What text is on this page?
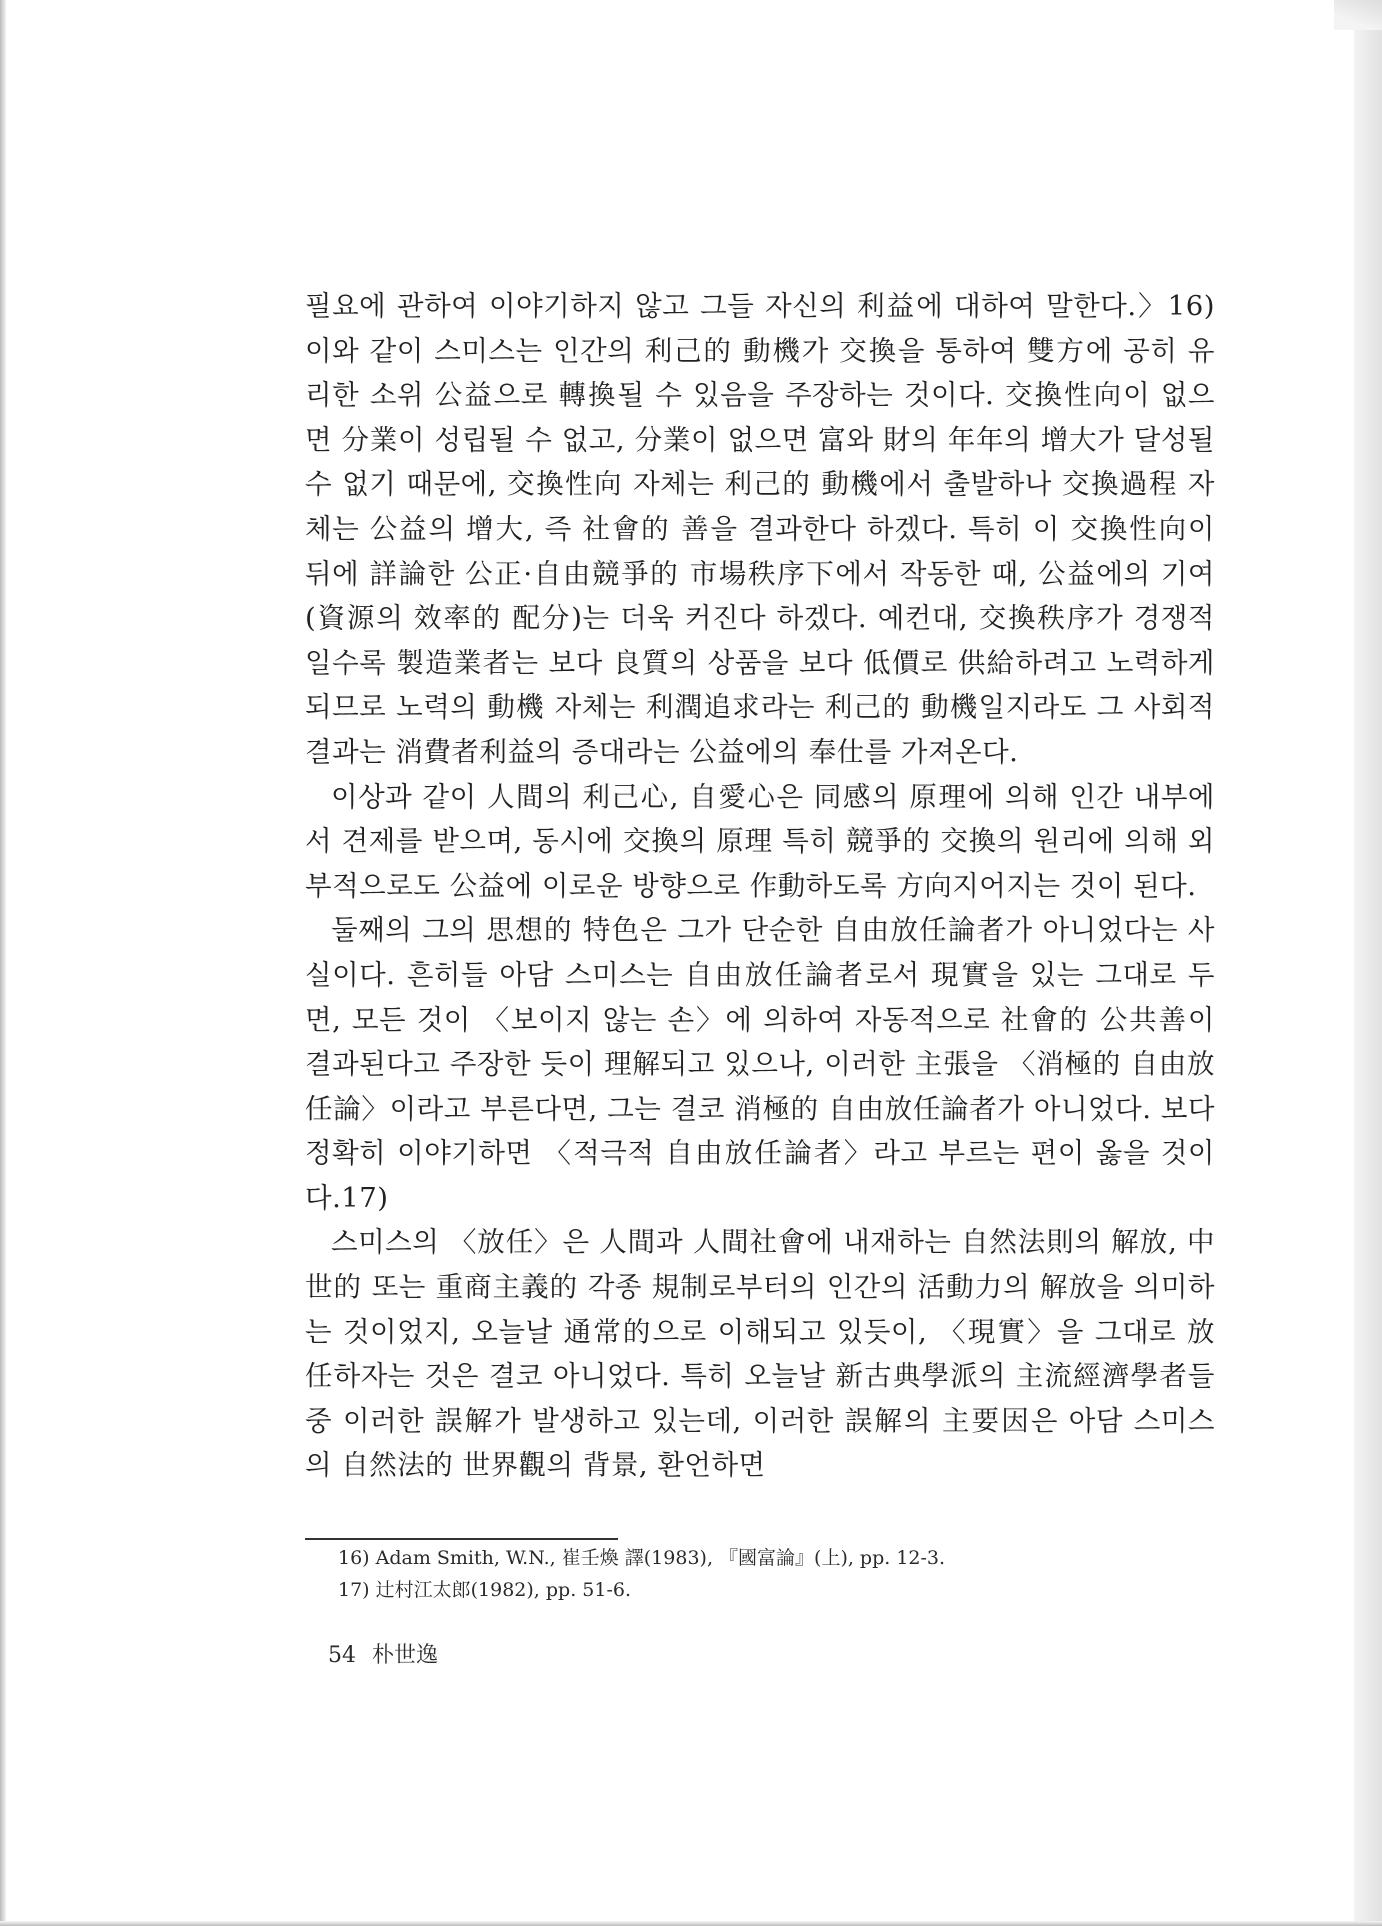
필요에 관하여 이야기하지 않고 그들 자신의 利益에 대하여 말한다.〉16) 이와 같이 스미스는 인간의 利己的 動機가 交換을 통하여 雙方에 공히 유리한 소위 公益으로 轉換될 수 있음을 주장하는 것이다. 交換性向이 없으면 分業이 성립될 수 없고, 分業이 없으면 富와 財의 年年의 增大가 달성될 수 없기 때문에, 交換性向 자체는 利己的 動機에서 출발하나 交換過程 자체는 公益의 增大, 즉 社會的 善을 결과한다 하겠다. 특히 이 交換性向이 뒤에 詳論한 公正·自由競爭的 市場秩序下에서 작동한 때, 公益에의 기여(資源의 效率的 配分)는 더욱 커진다 하겠다. 예컨대, 交換秩序가 경쟁적일수록 製造業者는 보다 良質의 상품을 보다 低價로 供給하려고 노력하게 되므로 노력의 動機 자체는 利潤追求라는 利己的 動機일지라도 그 사회적 결과는 消費者利益의 증대라는 公益에의 奉仕를 가져온다.

이상과 같이 人間의 利己心, 自愛心은 同感의 原理에 의해 인간 내부에서 견제를 받으며, 동시에 交換의 原理 특히 競爭的 交換의 원리에 의해 외부적으로도 公益에 이로운 방향으로 作動하도록 方向지어지는 것이 된다.

둘째의 그의 思想的 特色은 그가 단순한 自由放任論者가 아니었다는 사실이다. 흔히들 아담 스미스는 自由放任論者로서 現實을 있는 그대로 두면, 모든 것이 〈보이지 않는 손〉에 의하여 자동적으로 社會的 公共善이 결과된다고 주장한 듯이 理解되고 있으나, 이러한 主張을 〈消極的 自由放任論〉이라고 부른다면, 그는 결코 消極的 自由放任論者가 아니었다. 보다 정확히 이야기하면 〈적극적 自由放任論者〉라고 부르는 편이 옳을 것이다.17)

스미스의 〈放任〉은 人間과 人間社會에 내재하는 自然法則의 解放, 中世的 또는 重商主義的 각종 規制로부터의 인간의 活動力의 解放을 의미하는 것이었지, 오늘날 通常的으로 이해되고 있듯이, 〈現實〉을 그대로 放任하자는 것은 결코 아니었다. 특히 오늘날 新古典學派의 主流經濟學者들 중 이러한 誤解가 발생하고 있는데, 이러한 誤解의 主要因은 아담 스미스의 自然法的 世界觀의 背景, 환언하면

16) Adam Smith, W.N., 崔壬煥 譯(1983), 『國富論』(上), pp. 12-3.
17) 辻村江太郎(1982), pp. 51-6.
54 朴世逸
